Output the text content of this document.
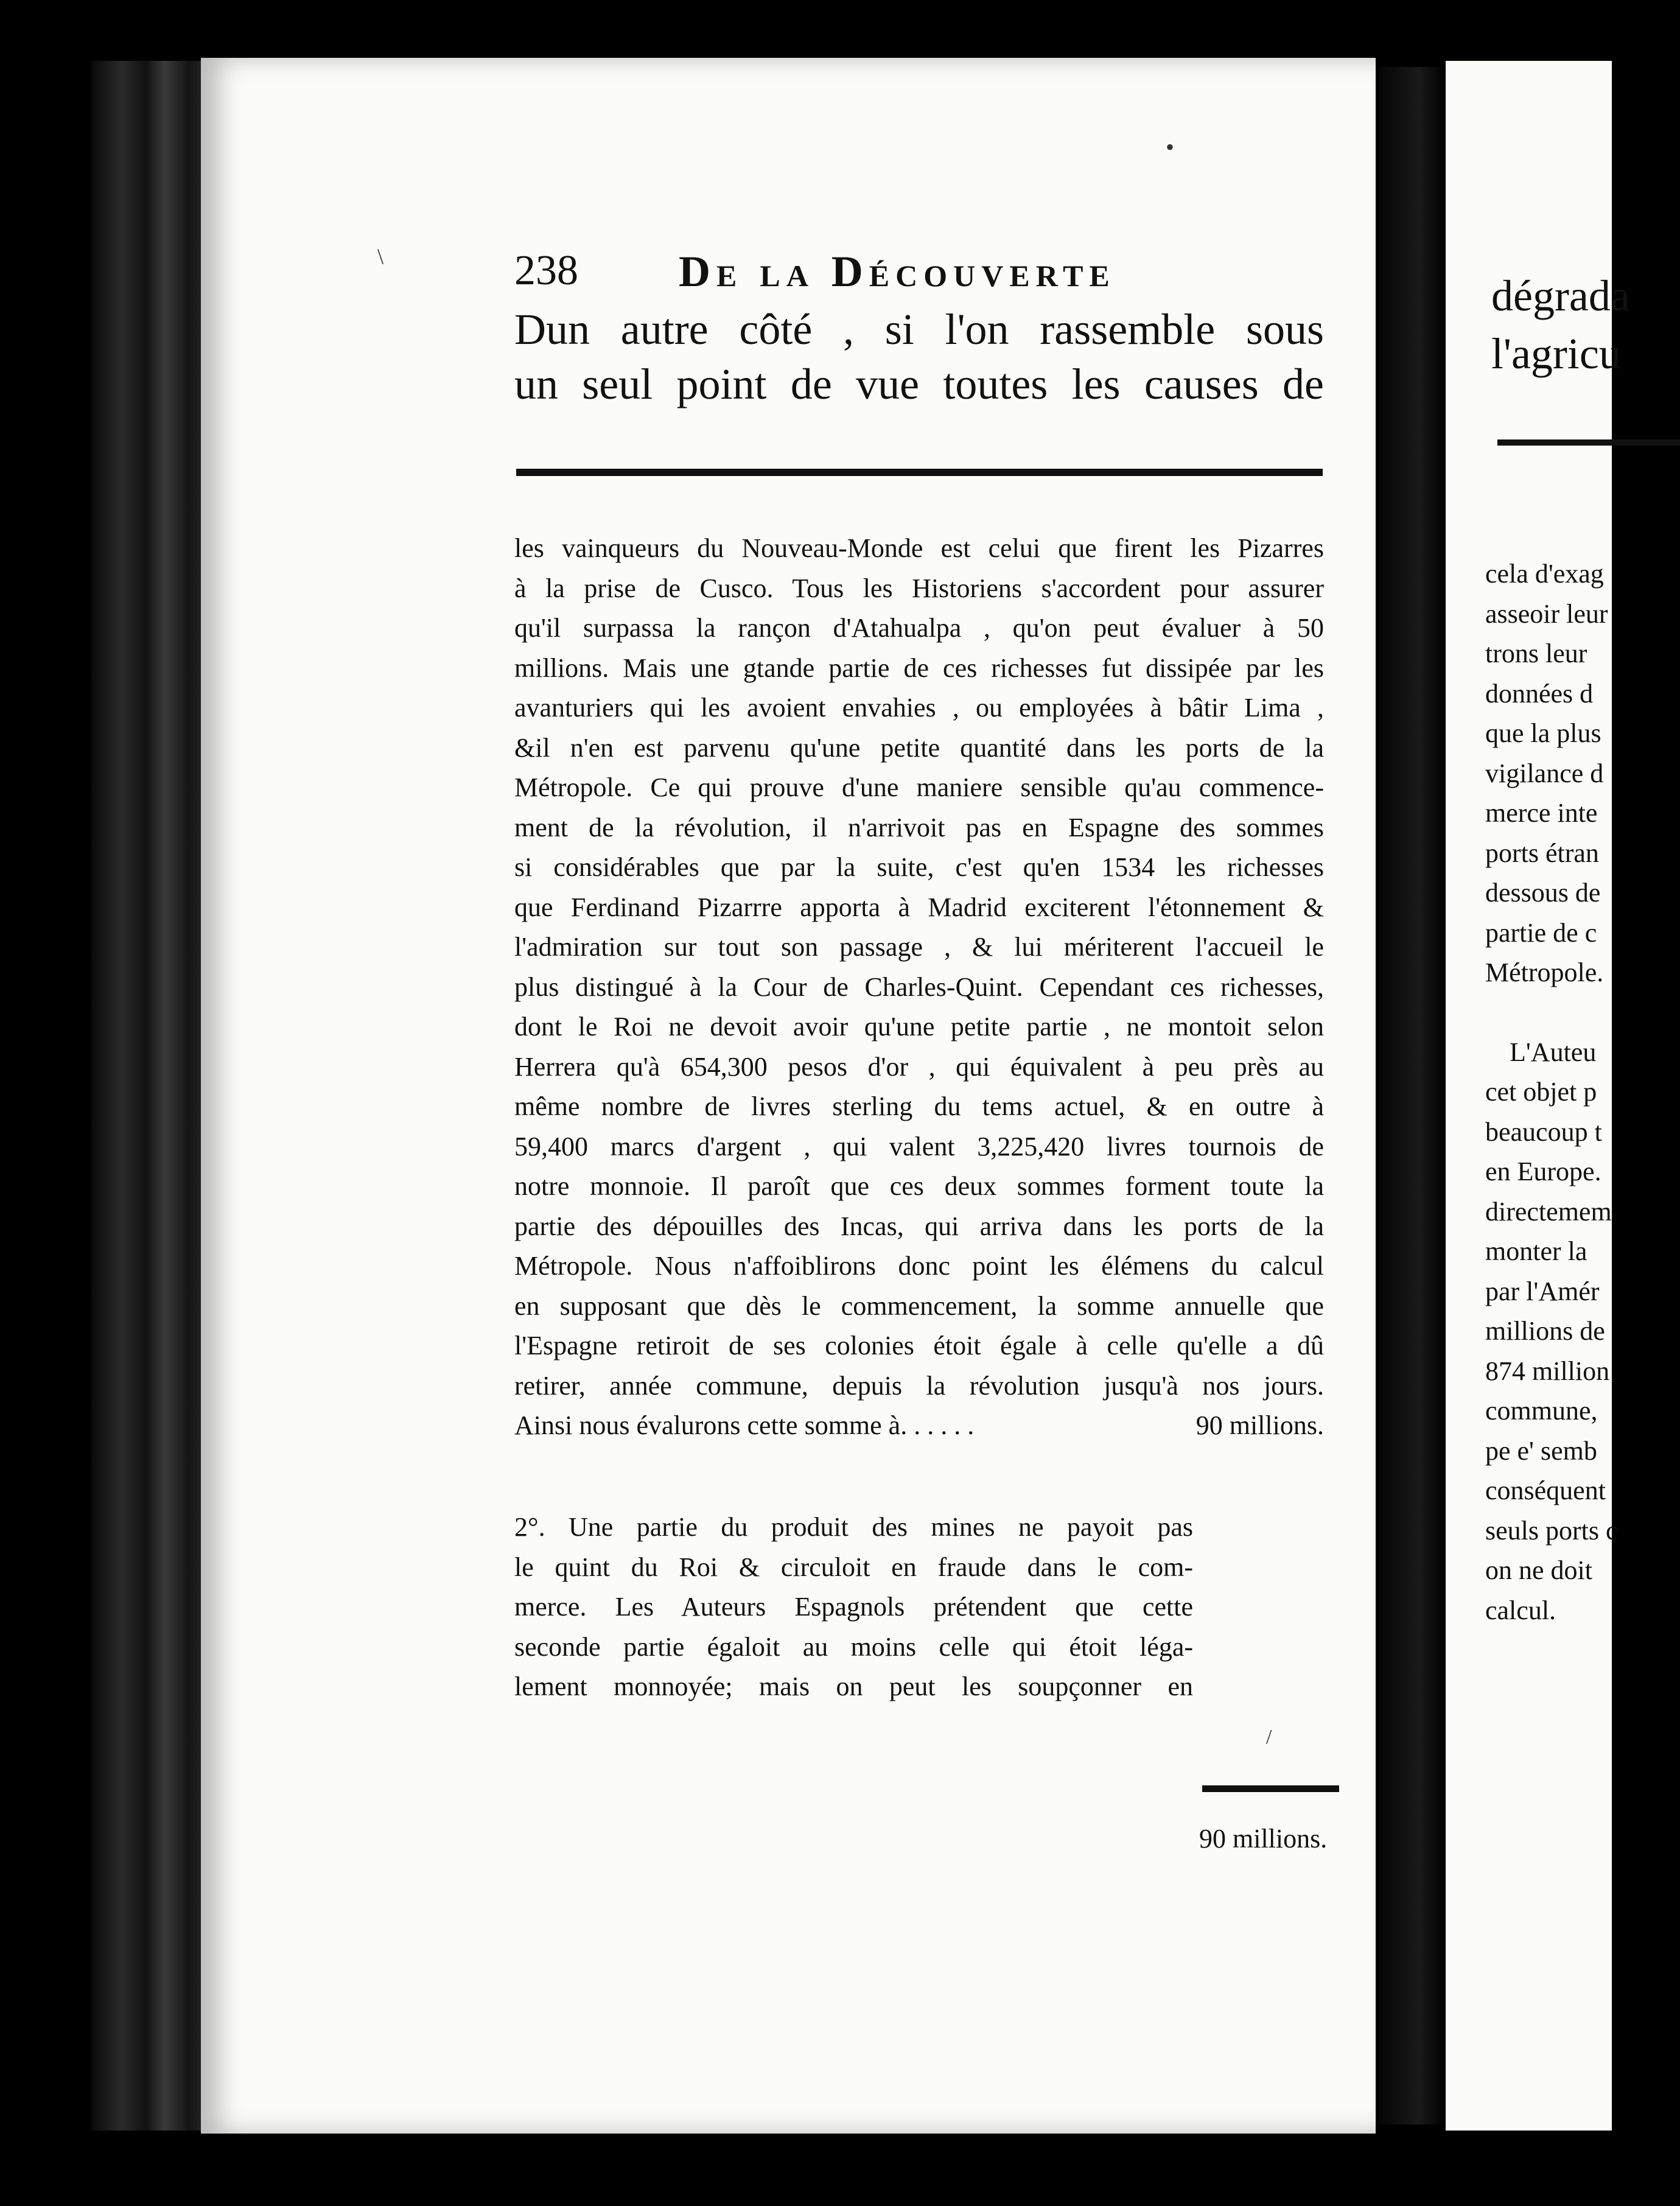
238 De la Découverte
Dun autre côté , si l'on rassemble sous
un seul point de vue toutes les causes de
les vainqueurs du Nouveau-Monde est celui que firent les Pizarres
à la prise de Cusco. Tous les Historiens s'accordent pour assurer
qu'il surpassa la rançon d'Atahualpa , qu'on peut évaluer à 50
millions. Mais une gtande partie de ces richesses fut dissipée par les
avanturiers qui les avoient envahies , ou employées à bâtir Lima ,
&il n'en est parvenu qu'une petite quantité dans les ports de la
Métropole. Ce qui prouve d'une maniere sensible qu'au commence-
ment de la révolution, il n'arrivoit pas en Espagne des sommes
si considérables que par la suite, c'est qu'en 1534 les richesses
que Ferdinand Pizarrre apporta à Madrid exciterent l'étonnement &
l'admiration sur tout son passage , & lui mériterent l'accueil le
plus distingué à la Cour de Charles-Quint. Cependant ces richesses,
dont le Roi ne devoit avoir qu'une petite partie , ne montoit selon
Herrera qu'à 654,300 pesos d'or , qui équivalent à peu près au
même nombre de livres sterling du tems actuel, & en outre à
59,400 marcs d'argent , qui valent 3,225,420 livres tournois de
notre monnoie. Il paroît que ces deux sommes forment toute la
partie des dépouilles des Incas, qui arriva dans les ports de la
Métropole. Nous n'affoiblirons donc point les élémens du calcul
en supposant que dès le commencement, la somme annuelle que
l'Espagne retiroit de ses colonies étoit égale à celle qu'elle a dû
retirer, année commune, depuis la révolution jusqu'à nos jours.
Ainsi nous évalurons cette somme à. . . . . .	90 millions.
2°. Une partie du produit des mines ne payoit pas
le quint du Roi & circuloit en fraude dans le com-
merce. Les Auteurs Espagnols prétendent que cette
seconde partie égaloit au moins celle qui étoit léga-
lement monnoyée; mais on peut les soupçonner en
90 millions.
•
\
/
dégrada
l'agricu
cela d'exag
asseoir leur
trons leur
données d
que la plus
vigilance d
merce inte
ports étran
dessous de
partie de c
Métropole.
L'Auteu
cet objet p
beaucoup t
en Europe.
directemem
monter la
par l'Amér
millions de
874 million
commune,
pe e' semb
conséquent
seuls ports c
on ne doit
calcul.
